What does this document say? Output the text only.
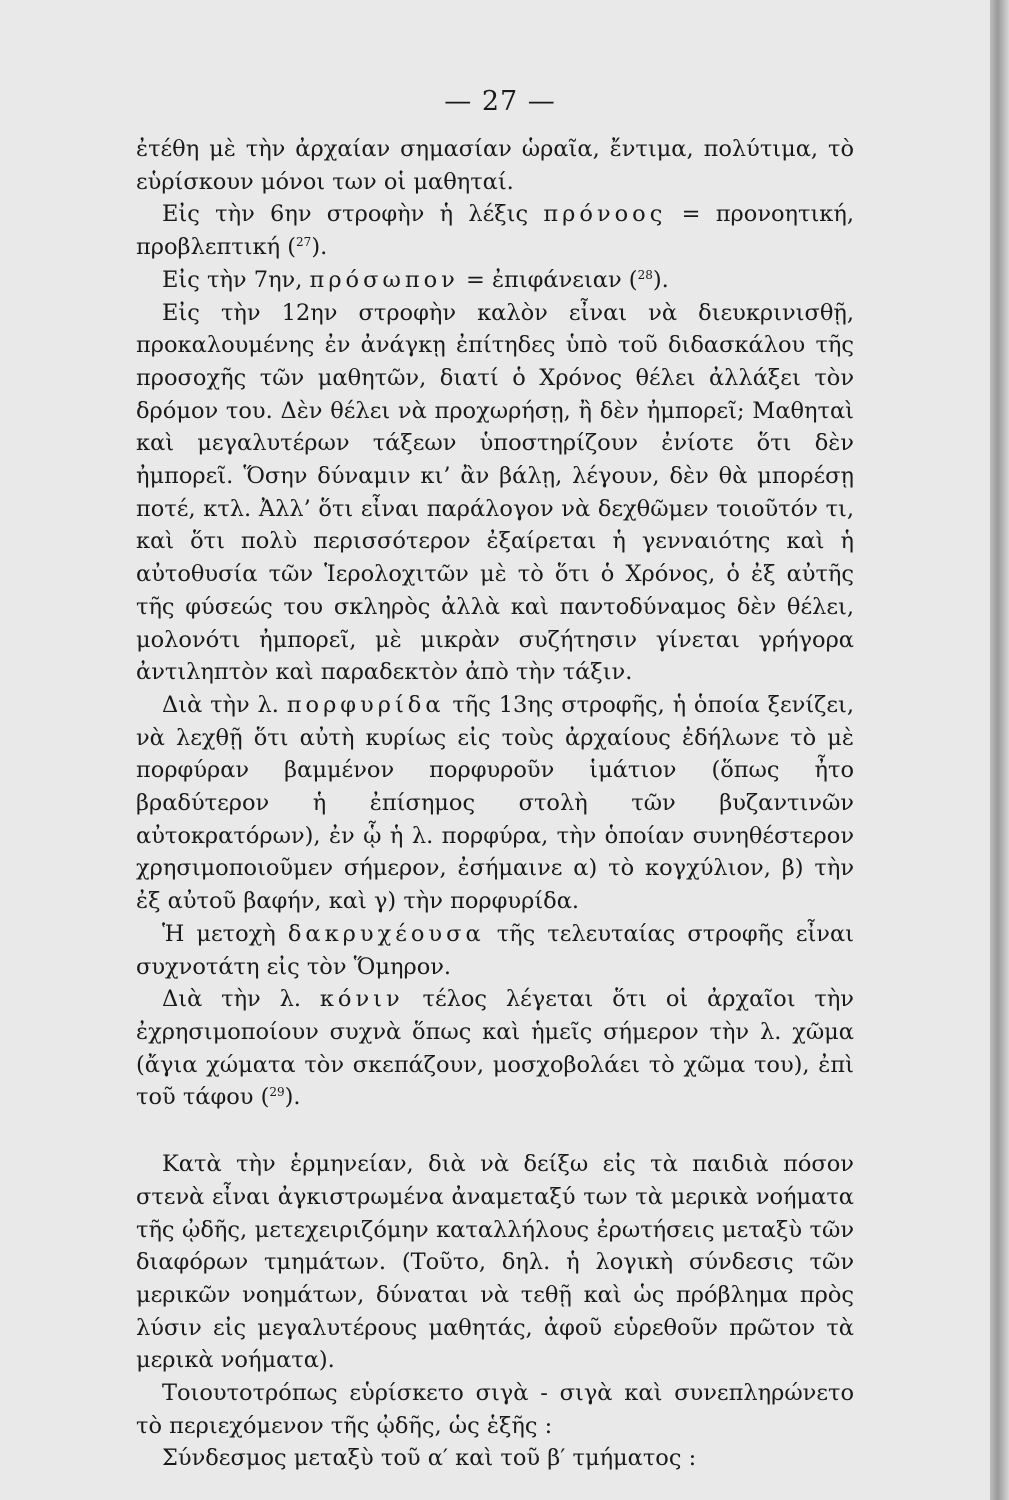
— 27 —

ἐτέθη μὲ τὴν ἀρχαίαν σημασίαν ὡραῖα, ἔντιμα, πολύτιμα, τὸ εὑρίσκουν μόνοι των οἱ μαθηταί.

Εἰς τὴν 6ην στροφὴν ἡ λέξις πρόνοος = προνοητική, προβλεπτική ($^{27}$).

Εἰς τὴν 7ην, πρόσωπον = ἐπιφάνειαν ($^{28}$).

Εἰς τὴν 12ην στροφὴν καλὸν εἶναι νὰ διευκρινισθῇ, προκαλουμένης ἐν ἀνάγκῃ ἐπίτηδες ὑπὸ τοῦ διδασκάλου τῆς προσοχῆς τῶν μαθητῶν, διατί ὁ Χρόνος θέλει ἀλλάξει τὸν δρόμον του. Δὲν θέλει νὰ προχωρήσῃ, ἢ δὲν ἠμπορεῖ; Μαθηταὶ καὶ μεγαλυτέρων τάξεων ὑποστηρίζουν ἐνίοτε ὅτι δὲν ἠμπορεῖ. Ὅσην δύναμιν κι’ ἂν βάλῃ, λέγουν, δὲν θὰ μπορέσῃ ποτέ, κτλ. Ἀλλ’ ὅτι εἶναι παράλογον νὰ δεχθῶμεν τοιοῦτόν τι, καὶ ὅτι πολὺ περισσότερον ἐξαίρεται ἡ γενναιότης καὶ ἡ αὐτοθυσία τῶν Ἱερολοχιτῶν μὲ τὸ ὅτι ὁ Χρόνος, ὁ ἐξ αὐτῆς τῆς φύσεώς του σκληρὸς ἀλλὰ καὶ παντοδύναμος δὲν θέλει, μολονότι ἠμπορεῖ, μὲ μικρὰν συζήτησιν γίνεται γρήγορα ἀντιληπτὸν καὶ παραδεκτὸν ἀπὸ τὴν τάξιν.

Διὰ τὴν λ. πορφυρίδα τῆς 13ης στροφῆς, ἡ ὁποία ξενίζει, νὰ λεχθῇ ὅτι αὐτὴ κυρίως εἰς τοὺς ἀρχαίους ἐδήλωνε τὸ μὲ πορφύραν βαμμένον πορφυροῦν ἱμάτιον (ὅπως ἦτο βραδύτερον ἡ ἐπίσημος στολὴ τῶν βυζαντινῶν αὐτοκρατόρων), ἐν ᾧ ἡ λ. πορφύρα, τὴν ὁποίαν συνηθέστερον χρησιμοποιοῦμεν σήμερον, ἐσήμαινε α) τὸ κογχύλιον, β) τὴν ἐξ αὐτοῦ βαφήν, καὶ γ) τὴν πορφυρίδα.

Ἡ μετοχὴ δακρυχέουσα τῆς τελευταίας στροφῆς εἶναι συχνοτάτη εἰς τὸν Ὅμηρον.

Διὰ τὴν λ. κόνιν τέλος λέγεται ὅτι οἱ ἀρχαῖοι τὴν ἐχρησιμοποίουν συχνὰ ὅπως καὶ ἡμεῖς σήμερον τὴν λ. χῶμα (ἄγια χώματα τὸν σκεπάζουν, μοσχοβολάει τὸ χῶμα του), ἐπὶ τοῦ τάφου ($^{29}$).

Κατὰ τὴν ἑρμηνείαν, διὰ νὰ δείξω εἰς τὰ παιδιὰ πόσον στενὰ εἶναι ἀγκιστρωμένα ἀναμεταξύ των τὰ μερικὰ νοήματα τῆς ᾠδῆς, μετεχειριζόμην καταλλήλους ἐρωτήσεις μεταξὺ τῶν διαφόρων τμημάτων. (Τοῦτο, δηλ. ἡ λογικὴ σύνδεσις τῶν μερικῶν νοημάτων, δύναται νὰ τεθῇ καὶ ὡς πρόβλημα πρὸς λύσιν εἰς μεγαλυτέρους μαθητάς, ἀφοῦ εὑρεθοῦν πρῶτον τὰ μερικὰ νοήματα).

Τοιουτοτρόπως εὑρίσκετο σιγὰ - σιγὰ καὶ συνεπληρώνετο τὸ περιεχόμενον τῆς ᾠδῆς, ὡς ἑξῆς :

Σύνδεσμος μεταξὺ τοῦ α′ καὶ τοῦ β′ τμήματος :
